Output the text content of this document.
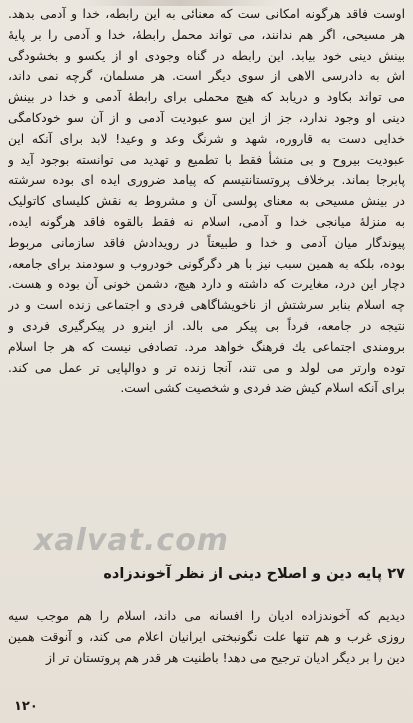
اوست فاقد هرگونه امکانی ست که معنائی به این رابطه، خدا و آدمی بدهد.
هر مسیحی، اگر هم ندانند، می تواند محمل رابطهٔ، خدا و آدمی را بر پایهٔ
بینش دینی خود بیابد. این رابطه در گناه وجودی او از یکسو و بخشودگی
اش به دادرسی الاهی از سوی دیگر است. هر مسلمان، گرچه نمی داند،
می تواند بکاود و دریابد که هیچ محملی برای رابطهٔ آدمی و خدا در بینش
دینی او وجود ندارد، جز از این سو عبودیت آدمی و از آن سو خودکامگی
خدایی دست به قاروره، شهد و شرنگ وعد و وعید! لابد برای آنکه این
عبودیت بیروح و بی منشأ فقط با تطمیع و تهدید می توانسته بوجود آید و
پابرجا بماند. برخلاف پروتستانتیسم که پیامد ضروری ایده ای بوده سرشته
در بینش مسیحی به معنای پولسی آن و مشروط به نقش کلیسای کاتولیک
به منزلهٔ میانجی خدا و آدمی، اسلام نه فقط بالقوه فاقد هرگونه ایده،
پیوندگار میان آدمی و خدا و طبیعتاً در رویدادش فاقد سازمانی مربوط
بوده، بلکه به همین سبب نیز با هر دگرگونی خودروب و سودمند برای جامعه،
دچار این درد، مغایرت که داشته و دارد هیچ، دشمن خونی آن بوده و هست.
چه اسلام بنابر سرشتش از ناخویشاگاهی فردی و اجتماعی زنده است و در
نتیجه در جامعه، فرداً بی پیکر می بالد. از اینرو در پیکرگیری فردی و
برومندی اجتماعی یك فرهنگ خواهد مرد. تصادفی نیست که هر جا اسلام
توده وارتر می لولد و می تند، آنجا زنده تر و دوالپایی تر عمل می کند.
برای آنکه اسلام کیش ضد فردی و شخصیت کشی است.
xalvat.com
۲۷ پایه دین و اصلاح دینی از نظر آخوندزاده
دیدیم که آخوندزاده ادیان را افسانه می داند، اسلام را هم موجب سیه
روزی غرب و هم تنها علت نگونبختی ایرانیان اعلام می کند، و آنوقت همین
دین را بر دیگر ادیان ترجیح می دهد! باطنیت هر قدر هم پروتستان تر از
۱۲۰
